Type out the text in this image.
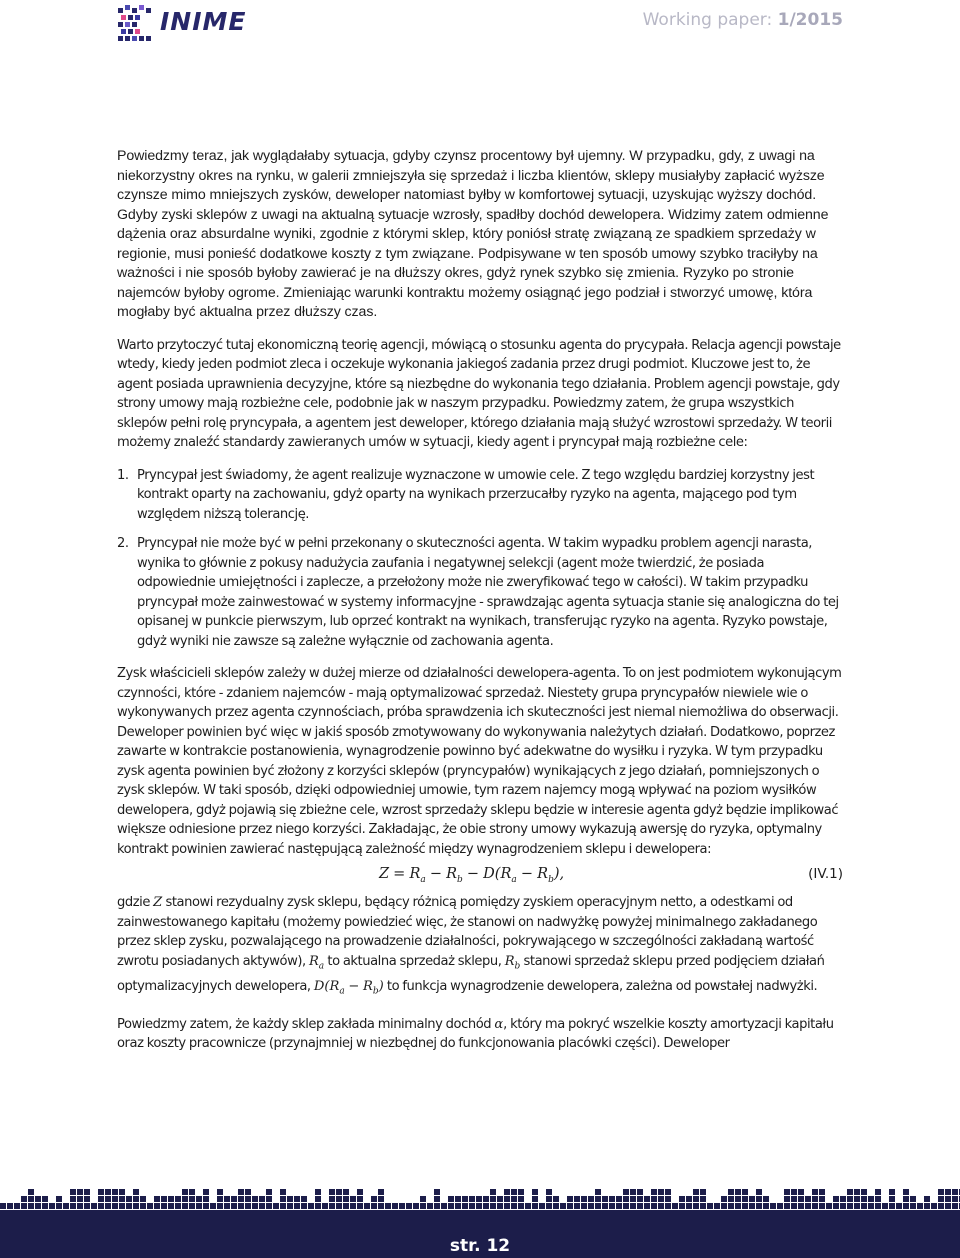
INIME	Working paper: 1/2015

Powiedzmy teraz, jak wyglądałaby sytuacja, gdyby czynsz procentowy był ujemny. W przypadku, gdy, z uwagi na niekorzystny okres na rynku, w galerii zmniejszyła się sprzedaż i liczba klientów, sklepy musiałyby zapłacić wyższe czynsze mimo mniejszych zysków, deweloper natomiast byłby w komfortowej sytuacji, uzyskując wyższy dochód. Gdyby zyski sklepów z uwagi na aktualną sytuacje wzrosły, spadłby dochód dewelopera. Widzimy zatem odmienne dążenia oraz absurdalne wyniki, zgodnie z którymi sklep, który poniósł stratę związaną ze spadkiem sprzedaży w regionie, musi ponieść dodatkowe koszty z tym związane. Podpisywane w ten sposób umowy szybko traciłyby na ważności i nie sposób byłoby zawierać je na dłuższy okres, gdyż rynek szybko się zmienia. Ryzyko po stronie najemców byłoby ogrome. Zmieniając warunki kontraktu możemy osiągnąć jego podział i stworzyć umowę, która mogłaby być aktualna przez dłuższy czas.

Warto przytoczyć tutaj ekonomiczną teorię agencji, mówiącą o stosunku agenta do prycypała. Relacja agencji powstaje wtedy, kiedy jeden podmiot zleca i oczekuje wykonania jakiegoś zadania przez drugi podmiot. Kluczowe jest to, że agent posiada uprawnienia decyzyjne, które są niezbędne do wykonania tego działania. Problem agencji powstaje, gdy strony umowy mają rozbieżne cele, podobnie jak w naszym przypadku. Powiedzmy zatem, że grupa wszystkich sklepów pełni rolę pryncypała, a agentem jest deweloper, którego działania mają służyć wzrostowi sprzedaży. W teorii możemy znaleźć standardy zawieranych umów w sytuacji, kiedy agent i pryncypał mają rozbieżne cele:

1. Pryncypał jest świadomy, że agent realizuje wyznaczone w umowie cele. Z tego względu bardziej korzystny jest kontrakt oparty na zachowaniu, gdyż oparty na wynikach przerzucałby ryzyko na agenta, mającego pod tym względem niższą tolerancję.
2. Pryncypał nie może być w pełni przekonany o skuteczności agenta. W takim wypadku problem agencji narasta, wynika to głównie z pokusy nadużycia zaufania i negatywnej selekcji (agent może twierdzić, że posiada odpowiednie umiejętności i zaplecze, a przełożony może nie zweryfikować tego w całości). W takim przypadku pryncypał może zainwestować w systemy informacyjne - sprawdzając agenta sytuacja stanie się analogiczna do tej opisanej w punkcie pierwszym, lub oprzeć kontrakt na wynikach, transferując ryzyko na agenta. Ryzyko powstaje, gdyż wyniki nie zawsze są zależne wyłącznie od zachowania agenta.

Zysk właścicieli sklepów zależy w dużej mierze od działalności dewelopera-agenta. To on jest podmiotem wykonującym czynności, które - zdaniem najemców - mają optymalizować sprzedaż. Niestety grupa pryncypałów niewiele wie o wykonywanych przez agenta czynnościach, próba sprawdzenia ich skuteczności jest niemal niemożliwa do obserwacji. Deweloper powinien być więc w jakiś sposób zmotywowany do wykonywania należytych działań. Dodatkowo, poprzez zawarte w kontrakcie postanowienia, wynagrodzenie powinno być adekwatne do wysiłku i ryzyka. W tym przypadku zysk agenta powinien być złożony z korzyści sklepów (pryncypałów) wynikających z jego działań, pomniejszonych o zysk sklepów. W taki sposób, dzięki odpowiedniej umowie, tym razem najemcy mogą wpływać na poziom wysiłków dewelopera, gdyż pojawią się zbieżne cele, wzrost sprzedaży sklepu będzie w interesie agenta gdyż będzie implikować większe odniesione przez niego korzyści. Zakładając, że obie strony umowy wykazują awersję do ryzyka, optymalny kontrakt powinien zawierać następującą zależność między wynagrodzeniem sklepu i dewelopera:

$Z = R_a - R_b - D(R_a - R_b)$,	(IV.1)

gdzie Z stanowi rezydualny zysk sklepu, będący różnicą pomiędzy zyskiem operacyjnym netto, a odestkami od zainwestowanego kapitału (możemy powiedzieć więc, że stanowi on nadwyżkę powyżej minimalnego zakładanego przez sklep zysku, pozwalającego na prowadzenie działalności, pokrywającego w szczególności zakładaną wartość zwrotu posiadanych aktywów), $R_a$ to aktualna sprzedaż sklepu, $R_b$ stanowi sprzedaż sklepu przed podjęciem działań optymalizacyjnych dewelopera, $D(R_a - R_b)$ to funkcja wynagrodzenie dewelopera, zależna od powstałej nadwyżki.

Powiedzmy zatem, że każdy sklep zakłada minimalny dochód α, który ma pokryć wszelkie koszty amortyzacji kapitału oraz koszty pracownicze (przynajmniej w niezbędnej do funkcjonowania placówki części). Deweloper

str. 12
